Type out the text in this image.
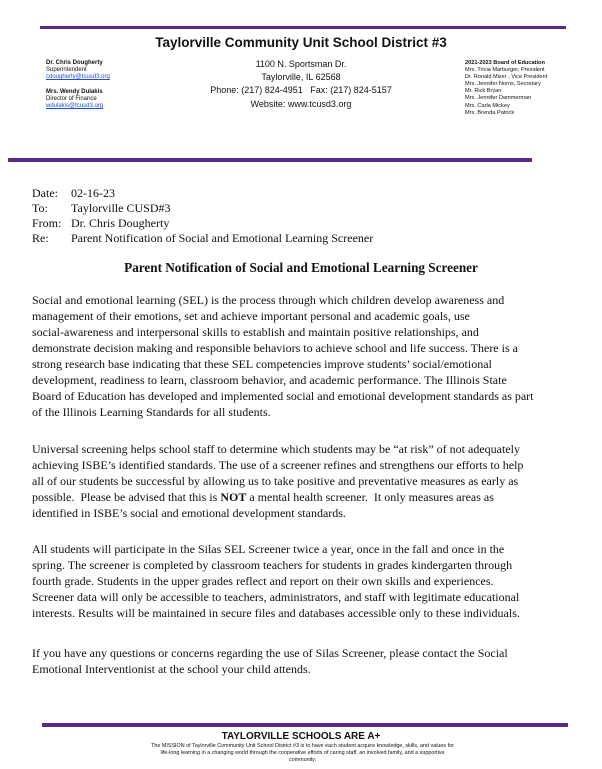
Taylorville Community Unit School District #3
Dr. Chris Dougherty
Superintendent
cdougherty@tcusd3.org
Mrs. Wendy Dulakis
Director of Finance
wdulakis@tcusd3.org
1100 N. Sportsman Dr.
Taylorville, IL 62568
Phone: (217) 824-4951   Fax: (217) 824-5157
Website: www.tcusd3.org
2021-2023 Board of Education
Mrs. Tricia Marburger, President
Dr. Ronald Mizer , Vice President
Mrs. Jennifer Norris, Secretary
Mr. Rick Bryan
Mrs. Jennifer Dammerman
Mrs. Carla Mickey
Mrs. Brenda Patrick
Date:	02-16-23
To:	Taylorville CUSD#3
From: Dr. Chris Dougherty
Re:	Parent Notification of Social and Emotional Learning Screener
Parent Notification of Social and Emotional Learning Screener
Social and emotional learning (SEL) is the process through which children develop awareness and
management of their emotions, set and achieve important personal and academic goals, use
social-awareness and interpersonal skills to establish and maintain positive relationships, and
demonstrate decision making and responsible behaviors to achieve school and life success. There is a
strong research base indicating that these SEL competencies improve students’ social/emotional
development, readiness to learn, classroom behavior, and academic performance. The Illinois State
Board of Education has developed and implemented social and emotional development standards as part
of the Illinois Learning Standards for all students.
Universal screening helps school staff to determine which students may be “at risk” of not adequately
achieving ISBE’s identified standards. The use of a screener refines and strengthens our efforts to help
all of our students be successful by allowing us to take positive and preventative measures as early as
possible.  Please be advised that this is NOT a mental health screener.  It only measures areas as
identified in ISBE’s social and emotional development standards.
All students will participate in the Silas SEL Screener twice a year, once in the fall and once in the
spring. The screener is completed by classroom teachers for students in grades kindergarten through
fourth grade. Students in the upper grades reflect and report on their own skills and experiences.
Screener data will only be accessible to teachers, administrators, and staff with legitimate educational
interests. Results will be maintained in secure files and databases accessible only to these individuals.
If you have any questions or concerns regarding the use of Silas Screener, please contact the Social
Emotional Interventionist at the school your child attends.
TAYLORVILLE SCHOOLS ARE A+
The MISSION of Taylorville Community Unit School District #3 is to have each student acquire knowledge, skills, and values for
life-long learning in a changing world through the cooperative efforts of caring staff, an involved family, and a supportive
community.
